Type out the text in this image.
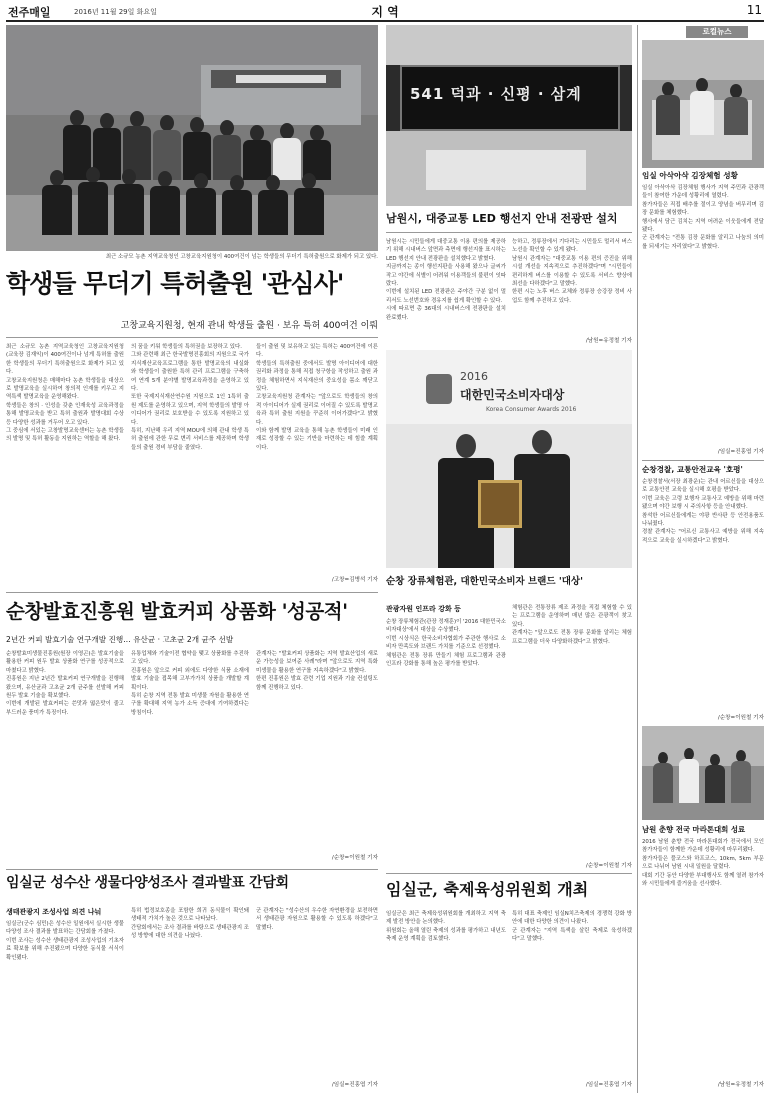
전주매일	2016년 11월 29일 화요일	지 역	11
최근 소규모 농촌 지역교육청인 고창교육지원청이 400여건이 넘는 학생들의 무더기 특허출원으로 화제가 되고 있다.
학생들 무더기 특허출원 '관심사'
고창교육지원청, 현재 관내 학생들 출원 · 보유 특허 400여건 이뤄
최근 소규모 농촌 지역교육청인 고창교육지원청(교육장 김재익)이 400여건이나 넘게 특허를 출원한 학생들의 무더기 특허출원으로 화제가 되고 있다.
고창교육지원청은 매해마다 농촌 학생들을 대상으로 발명교육을 실시하여 창의적 인재를 키우고 지역특색 발명교육을 운영해왔다.
학생들은 창의 · 인성을 갖춘 인재육성 교육과정을 통해 발명교육을 받고 특허 출원과 발명대회 수상 등 다양한 성과를 거두어 오고 있다.
그 중심에 서있는 고창발명교육센터는 농촌 학생들의 발명 및 특허 활동을 지원하는 역할을 해 왔다.
의 꿈을 키워 학생들의 특허권을 보장하고 있다.
그와 관련해 최근 한국발명진흥회의 지원으로 국가지식재산교육프로그램을 통한 발명교육의 내실화와 학생들이 출원한 특허 관리 프로그램을 구축하여 연계 5개 분야별 발명교육과정을 운영하고 있다.
또한 국제지식재산연수원 지원으로 1인 1특허 출원 제도를 운영하고 있으며, 지역 학생들의 발명 아이디어가 권리로 보호받을 수 있도록 지원하고 있다.
특히, 지난해 우리 지역 MOU에 의해 관내 학생 특허 출원에 관한 무료 변리 서비스를 제공하며 학생들의 출원 경비 부담을 줄였다.
들이 출원 및 보유하고 있는 특허는 400여건에 이른다.
학생들의 특허출원 중에서도 발명 아이디어에 대한 권리화 과정을 통해 직접 청구항을 작성하고 출원 과정을 체험하면서 지식재산의 중요성을 몸소 깨닫고 있다.
고창교육지원청 관계자는 "앞으로도 학생들의 창의적 아이디어가 실제 권리로 이어질 수 있도록 발명교육과 특허 출원 지원을 꾸준히 이어가겠다"고 밝혔다.
이와 함께 발명 교육을 통해 농촌 학생들이 미래 인재로 성장할 수 있는 기반을 마련하는 데 힘쓸 계획이다.
/고창=김병석 기자
541 덕과 · 신평 · 삼계
남원시, 대중교통 LED 행선지 안내 전광판 설치
남원시는 시민들에게 대중교통 이용 편의를 제공하기 위해 시내버스 앞면과 측면에 행선지를 표시하는 LED 행선지 안내 전광판을 설치했다고 밝혔다.
지금까지는 종이 행선지판을 사용해 왔으나 글씨가 작고 야간에 식별이 어려워 이용객들의 불편이 잇따랐다.
이번에 설치된 LED 전광판은 주야간 구분 없이 멀리서도 노선번호와 경유지를 쉽게 확인할 수 있다.
시에 따르면 총 36대의 시내버스에 전광판을 설치 완료했다.
능하고, 정류장에서 기다리는 시민들도 멀리서 버스 노선을 확인할 수 있게 됐다.
남원시 관계자는 "대중교통 이용 편의 증진을 위해 시설 개선을 지속적으로 추진하겠다"며 "시민들이 편리하게 버스를 이용할 수 있도록 서비스 향상에 최선을 다하겠다"고 말했다.
한편 시는 노후 버스 교체와 정류장 승강장 정비 사업도 함께 추진하고 있다.
/남원=유정철 기자
2016
대한민국소비자대상
Korea Consumer Awards 2016
순창 장류체험관, 대한민국소비자 브랜드 '대상'
관광자원 인프라 강화 등
순창 장류체험관(관장 정재훈)이 '2016 대한민국소비자대상'에서 대상을 수상했다.
이번 시상식은 한국소비자협회가 주관한 행사로 소비자 만족도와 브랜드 가치를 기준으로 선정했다.
체험관은 전통 장류 만들기 체험 프로그램과 관광 인프라 강화를 통해 높은 평가를 받았다.
체험관은 전통장류 제조 과정을 직접 체험할 수 있는 프로그램을 운영하며 매년 많은 관광객이 찾고 있다.
관계자는 "앞으로도 전통 장류 문화를 알리는 체험 프로그램을 더욱 다양화하겠다"고 밝혔다.
/순창=이원철 기자
순창발효진흥원 발효커피 상품화 '성공적'
2년간 커피 발효기술 연구개발 진행… 유산균 · 고초균 2개 균주 선발
순창발효미생물진흥원(원장 이영곤)은 발효기술을 활용한 커피 원두 발효 상품화 연구를 성공적으로 마쳤다고 밝혔다.
진흥원은 지난 2년간 발효커피 연구개발을 진행해 왔으며, 유산균과 고초균 2개 균주를 선발해 커피 원두 발효 기술을 확보했다.
이번에 개발된 발효커피는 쓴맛과 떫은맛이 줄고 부드러운 풍미가 특징이다.
유통업체와 기술이전 협약을 맺고 상품화를 추진하고 있다.
진흥원은 앞으로 커피 외에도 다양한 식품 소재에 발효 기술을 접목해 고부가가치 상품을 개발할 계획이다.
특히 순창 지역 전통 발효 미생물 자원을 활용한 연구를 확대해 지역 농가 소득 증대에 기여하겠다는 방침이다.
관계자는 "발효커피 상품화는 지역 발효산업의 새로운 가능성을 보여준 사례"라며 "앞으로도 지역 특화 미생물을 활용한 연구를 지속하겠다"고 밝혔다.
한편 진흥원은 발효 관련 기업 지원과 기술 컨설팅도 함께 진행하고 있다.
/순창=이원철 기자
임실군 성수산 생물다양성조사 결과발표 간담회
생태관광지 조성사업 의견 나눠
임실군(군수 심민)은 성수산 일원에서 실시한 생물다양성 조사 결과를 발표하는 간담회를 가졌다.
이번 조사는 성수산 생태관광지 조성사업의 기초자료 확보를 위해 추진됐으며 다양한 동식물 서식이 확인됐다.
특히 법정보호종을 포함한 희귀 동식물이 확인돼 생태적 가치가 높은 것으로 나타났다.
간담회에서는 조사 결과를 바탕으로 생태관광지 조성 방향에 대한 의견을 나눴다.
군 관계자는 "성수산의 우수한 자연환경을 보전하면서 생태관광 자원으로 활용할 수 있도록 하겠다"고 말했다.
/임실=진홍엽 기자
임실군, 축제육성위원회 개최
임실군은 최근 축제육성위원회를 개최하고 지역 축제 발전 방안을 논의했다.
위원회는 올해 열린 축제의 성과를 평가하고 내년도 축제 운영 계획을 검토했다.
특히 대표 축제인 임실N치즈축제의 경쟁력 강화 방안에 대한 다양한 의견이 나왔다.
군 관계자는 "지역 특색을 살린 축제로 육성하겠다"고 말했다.
/임실=진홍엽 기자
로컬뉴스
임실 아삭아삭 김장체험 성황
임실 아삭아삭 김장체험 행사가 지역 주민과 관광객들이 참여한 가운데 성황리에 열렸다.
참가자들은 직접 배추를 절이고 양념을 버무리며 김장 문화를 체험했다.
행사에서 담근 김치는 지역 어려운 이웃들에게 전달됐다.
군 관계자는 "전통 김장 문화를 알리고 나눔의 의미를 되새기는 자리였다"고 밝혔다.
/임실=진홍엽 기자
순창경찰, 교통안전교육 '호평'
순창경찰서(서장 최광운)는 관내 어르신들을 대상으로 교통안전 교육을 실시해 호평을 받았다.
이번 교육은 고령 보행자 교통사고 예방을 위해 마련됐으며 야간 보행 시 주의사항 등을 안내했다.
참석한 어르신들에게는 야광 반사판 등 안전용품도 나눠줬다.
경찰 관계자는 "어르신 교통사고 예방을 위해 지속적으로 교육을 실시하겠다"고 밝혔다.
/순창=이원철 기자
남원 춘향 전국 마라톤대회 성료
2016 남원 춘향 전국 마라톤대회가 전국에서 모인 참가자들이 함께한 가운데 성황리에 마무리됐다.
참가자들은 풀코스와 하프코스, 10km, 5km 부문으로 나뉘어 남원 시내 일원을 달렸다.
대회 기간 동안 다양한 부대행사도 함께 열려 참가자와 시민들에게 즐거움을 선사했다.
/남원=유정철 기자
